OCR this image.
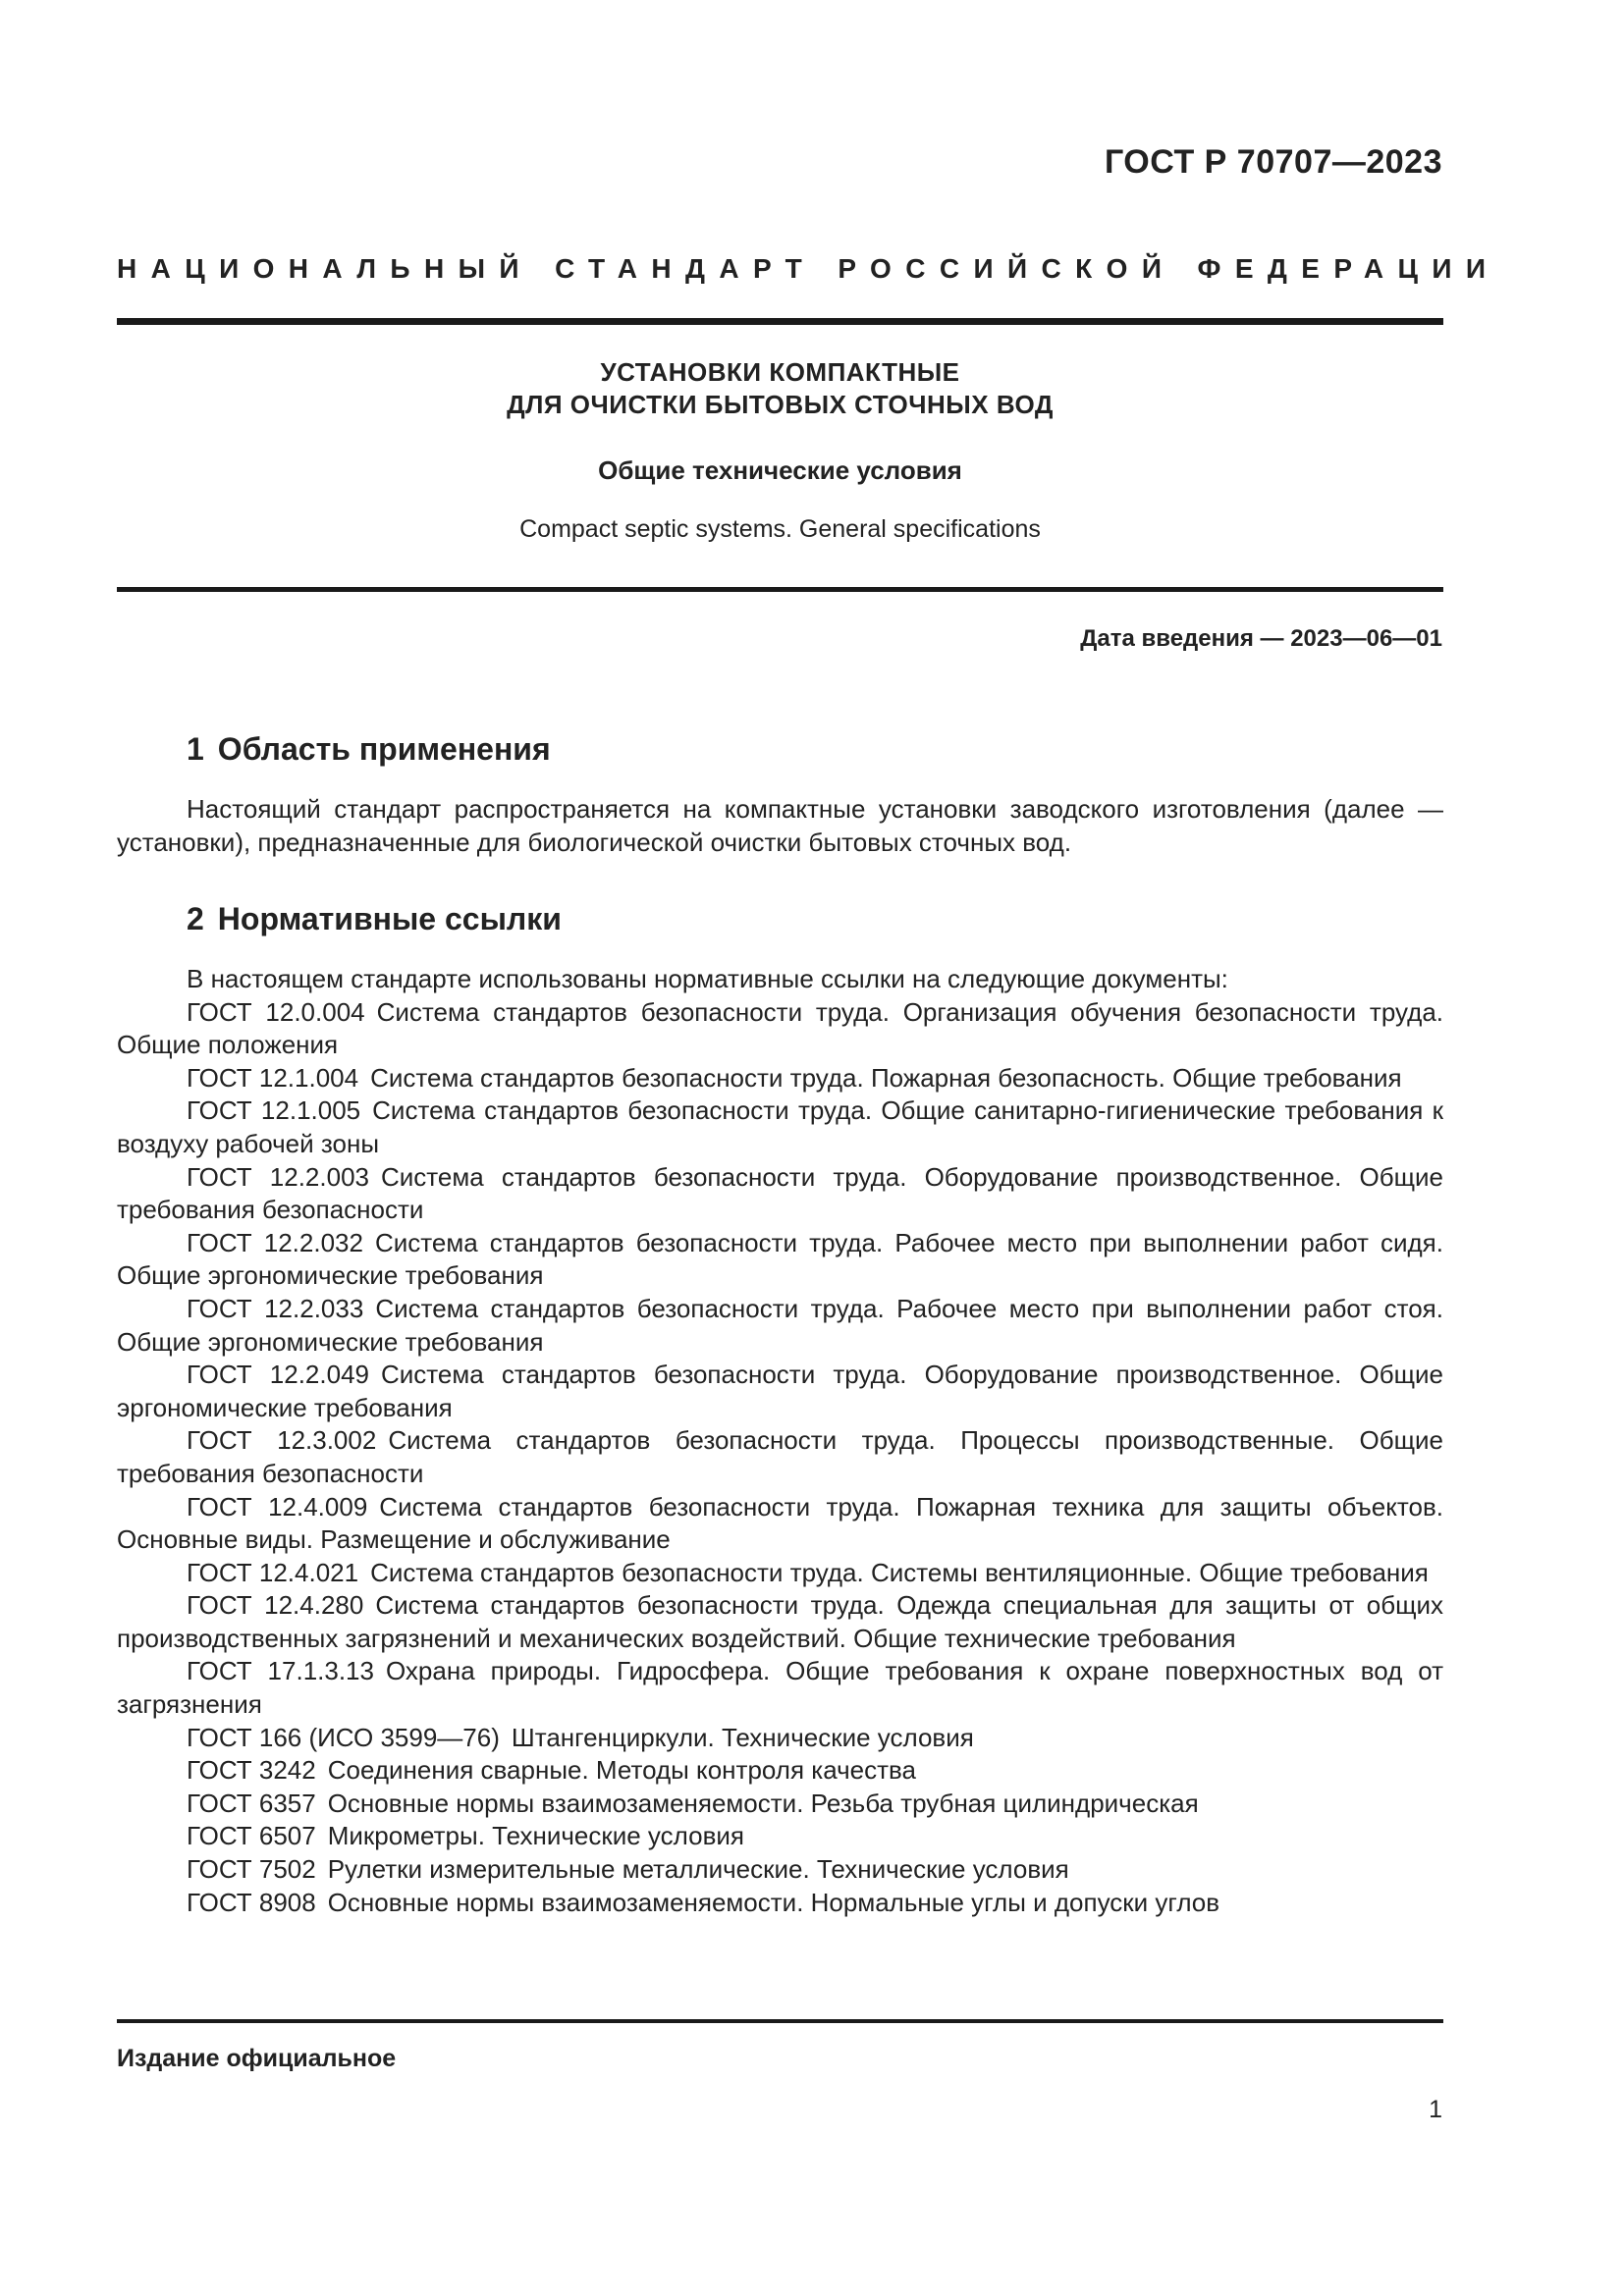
ГОСТ Р 70707—2023
НАЦИОНАЛЬНЫЙ СТАНДАРТ РОССИЙСКОЙ ФЕДЕРАЦИИ
УСТАНОВКИ КОМПАКТНЫЕ
ДЛЯ ОЧИСТКИ БЫТОВЫХ СТОЧНЫХ ВОД
Общие технические условия
Compact septic systems. General specifications
Дата введения — 2023—06—01
1 Область применения
Настоящий стандарт распространяется на компактные установки заводского изготовления (далее — установки), предназначенные для биологической очистки бытовых сточных вод.
2 Нормативные ссылки

В настоящем стандарте использованы нормативные ссылки на следующие документы:

ГОСТ 12.0.004 Система стандартов безопасности труда. Организация обучения безопасности труда. Общие положения

ГОСТ 12.1.004 Система стандартов безопасности труда. Пожарная безопасность. Общие требования

ГОСТ 12.1.005 Система стандартов безопасности труда. Общие санитарно-гигиенические требования к воздуху рабочей зоны

ГОСТ 12.2.003 Система стандартов безопасности труда. Оборудование производственное. Общие требования безопасности

ГОСТ 12.2.032 Система стандартов безопасности труда. Рабочее место при выполнении работ сидя. Общие эргономические требования

ГОСТ 12.2.033 Система стандартов безопасности труда. Рабочее место при выполнении работ стоя. Общие эргономические требования

ГОСТ 12.2.049 Система стандартов безопасности труда. Оборудование производственное. Общие эргономические требования

ГОСТ 12.3.002 Система стандартов безопасности труда. Процессы производственные. Общие требования безопасности

ГОСТ 12.4.009 Система стандартов безопасности труда. Пожарная техника для защиты объектов. Основные виды. Размещение и обслуживание

ГОСТ 12.4.021 Система стандартов безопасности труда. Системы вентиляционные. Общие требования

ГОСТ 12.4.280 Система стандартов безопасности труда. Одежда специальная для защиты от общих производственных загрязнений и механических воздействий. Общие технические требования

ГОСТ 17.1.3.13 Охрана природы. Гидросфера. Общие требования к охране поверхностных вод от загрязнения

ГОСТ 166 (ИСО 3599—76) Штангенциркули. Технические условия

ГОСТ 3242 Соединения сварные. Методы контроля качества

ГОСТ 6357 Основные нормы взаимозаменяемости. Резьба трубная цилиндрическая

ГОСТ 6507 Микрометры. Технические условия

ГОСТ 7502 Рулетки измерительные металлические. Технические условия

ГОСТ 8908 Основные нормы взаимозаменяемости. Нормальные углы и допуски углов

Издание официальное
1
